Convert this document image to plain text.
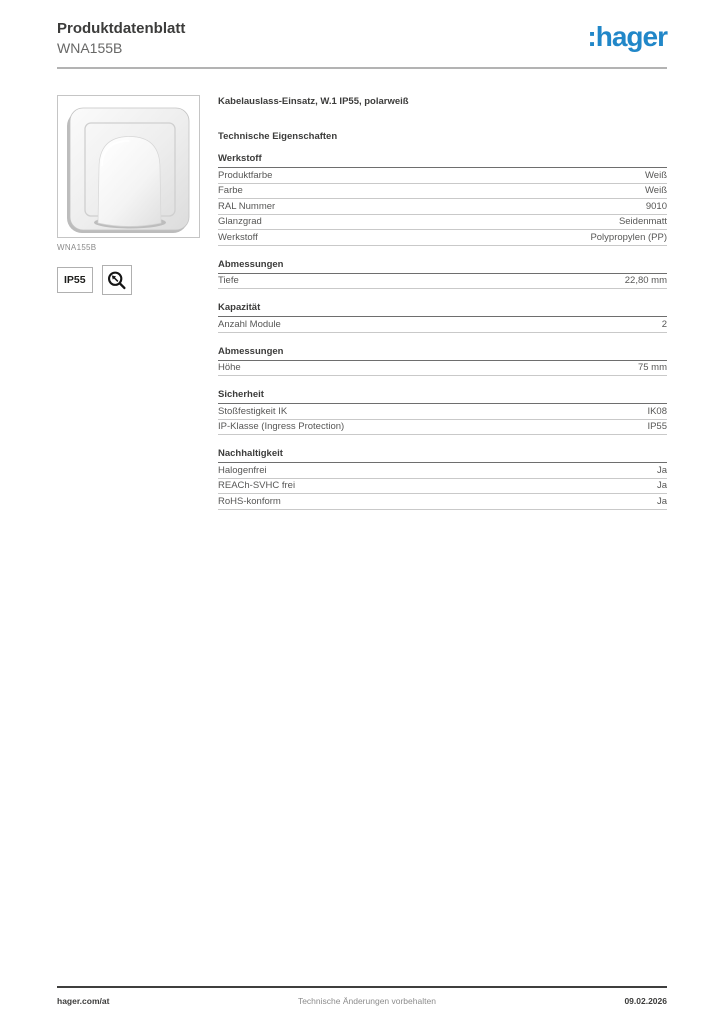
Produktdatenblatt
WNA155B	:hager
WNA155B
IP55
Kabelauslass-Einsatz, W.1 IP55, polarweiß
Technische Eigenschaften
Werkstoff
Produktfarbe	Weiß
Farbe	Weiß
RAL Nummer	9010
Glanzgrad	Seidenmatt
Werkstoff	Polypropylen (PP)
Abmessungen
Tiefe	22,80 mm
Kapazität
Anzahl Module	2
Abmessungen
Höhe	75 mm
Sicherheit
Stoßfestigkeit IK	IK08
IP-Klasse (Ingress Protection)	IP55
Nachhaltigkeit
Halogenfrei	Ja
REACh-SVHC frei	Ja
RoHS-konform	Ja
hager.com/at	Technische Änderungen vorbehalten	09.02.2026
